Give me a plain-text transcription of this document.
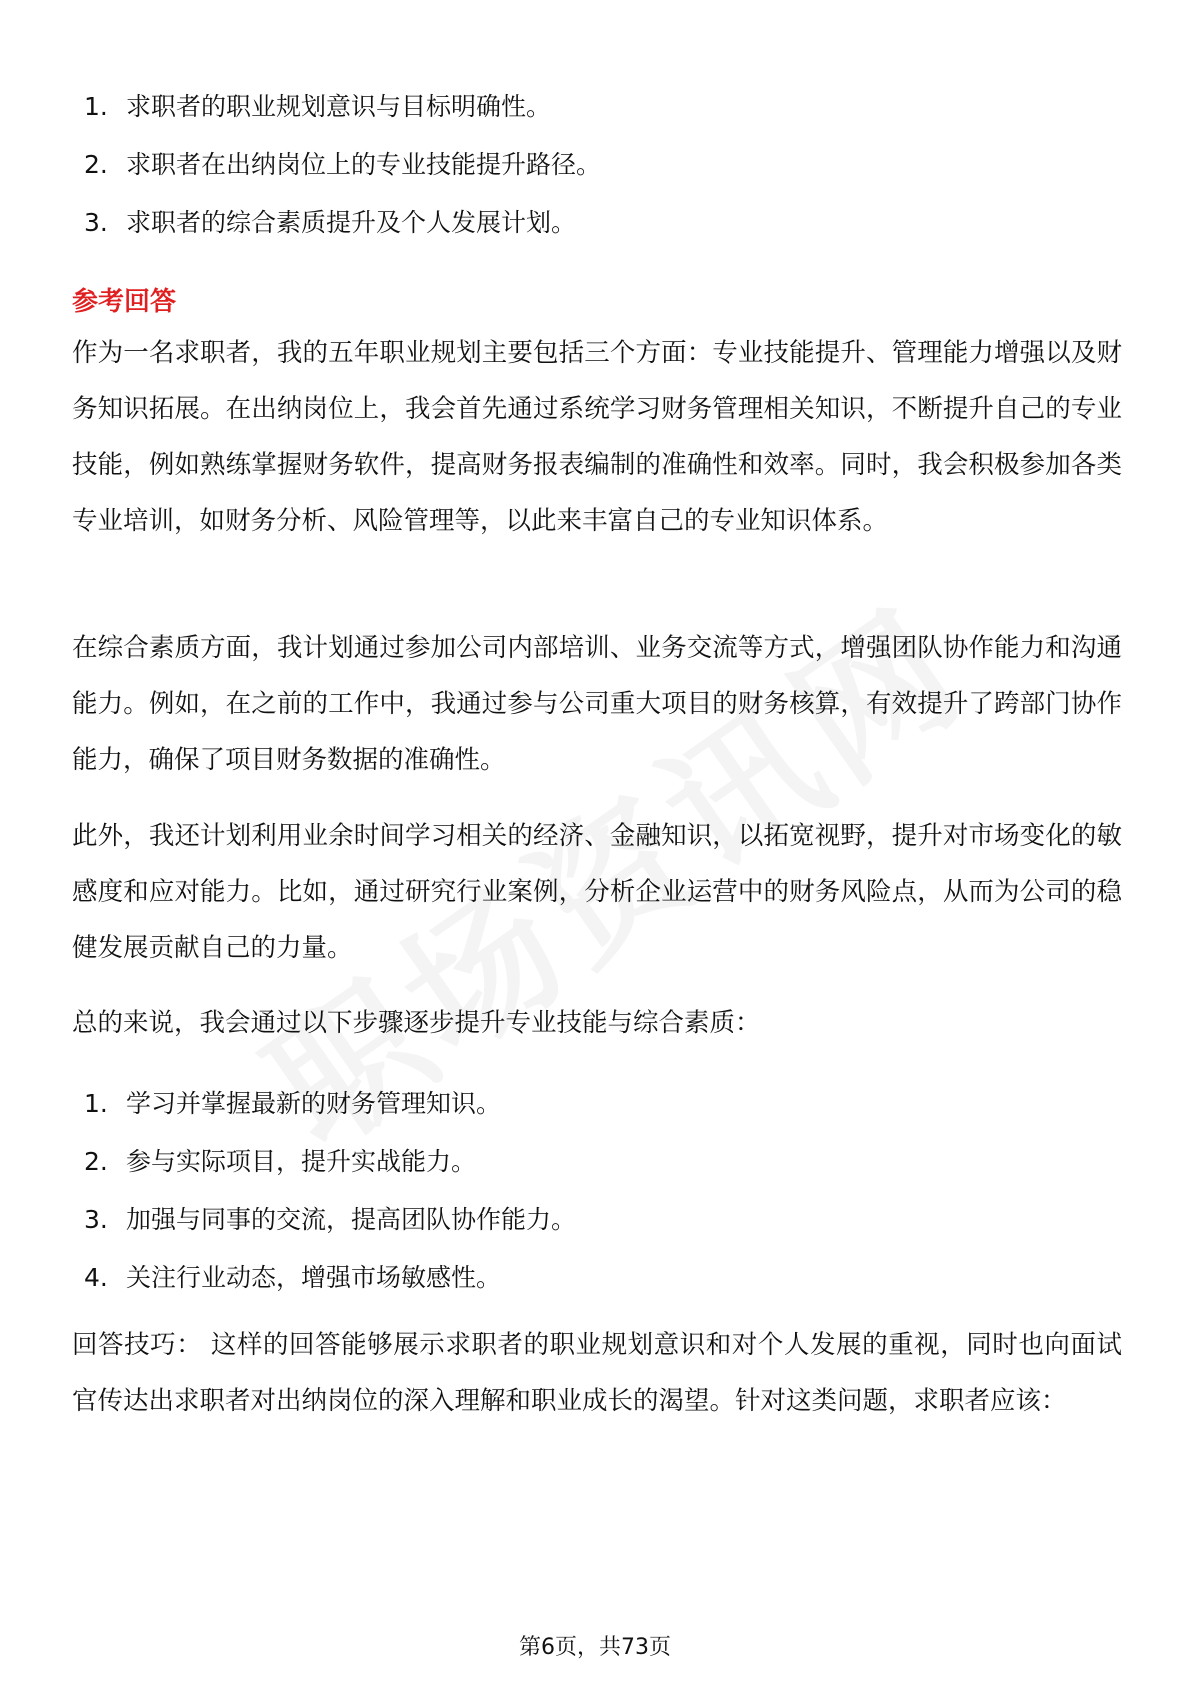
1. 求职者的职业规划意识与目标明确性。
2. 求职者在出纳岗位上的专业技能提升路径。
3. 求职者的综合素质提升及个人发展计划。
参考回答

作为一名求职者，我的五年职业规划主要包括三个方面：专业技能提升、管理能力增强以及财务知识拓展。在出纳岗位上，我会首先通过系统学习财务管理相关知识，不断提升自己的专业技能，例如熟练掌握财务软件，提高财务报表编制的准确性和效率。同时，我会积极参加各类专业培训，如财务分析、风险管理等，以此来丰富自己的专业知识体系。

在综合素质方面，我计划通过参加公司内部培训、业务交流等方式，增强团队协作能力和沟通能力。例如，在之前的工作中，我通过参与公司重大项目的财务核算，有效提升了跨部门协作能力，确保了项目财务数据的准确性。

此外，我还计划利用业余时间学习相关的经济、金融知识，以拓宽视野，提升对市场变化的敏感度和应对能力。比如，通过研究行业案例，分析企业运营中的财务风险点，从而为公司的稳健发展贡献自己的力量。

总的来说，我会通过以下步骤逐步提升专业技能与综合素质：

1. 学习并掌握最新的财务管理知识。
2. 参与实际项目，提升实战能力。
3. 加强与同事的交流，提高团队协作能力。
4. 关注行业动态，增强市场敏感性。

回答技巧： 这样的回答能够展示求职者的职业规划意识和对个人发展的重视，同时也向面试官传达出求职者对出纳岗位的深入理解和职业成长的渴望。针对这类问题，求职者应该：

第6页，共73页
